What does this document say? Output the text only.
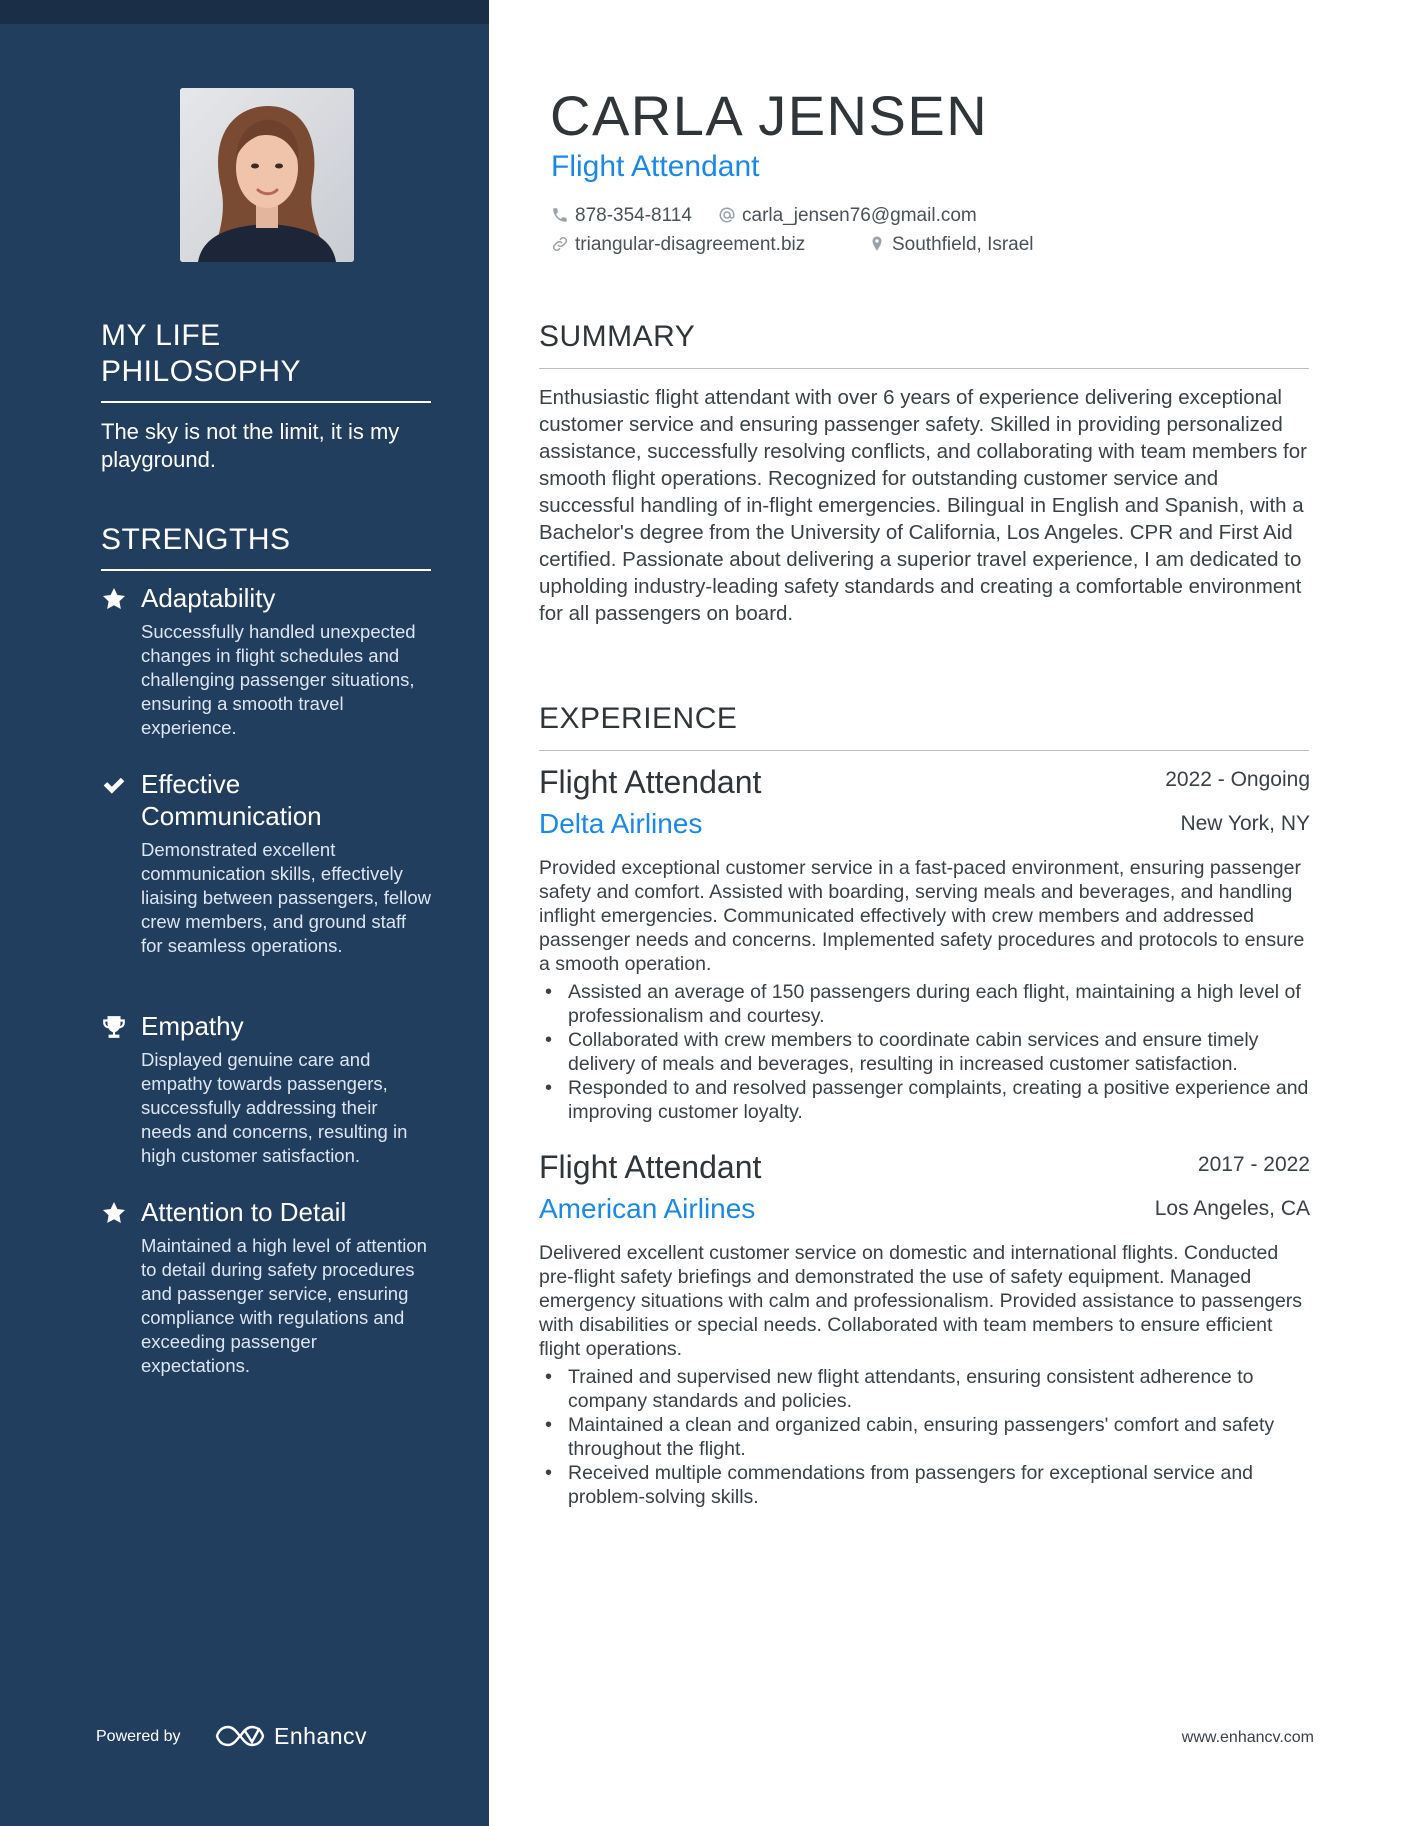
MY LIFE
PHILOSOPHY
The sky is not the limit, it is my playground.
STRENGTHS
Adaptability
Successfully handled unexpected changes in flight schedules and challenging passenger situations, ensuring a smooth travel experience.
Effective Communication
Demonstrated excellent communication skills, effectively liaising between passengers, fellow crew members, and ground staff for seamless operations.
Empathy
Displayed genuine care and empathy towards passengers, successfully addressing their needs and concerns, resulting in high customer satisfaction.
Attention to Detail
Maintained a high level of attention to detail during safety procedures and passenger service, ensuring compliance with regulations and exceeding passenger expectations.
Powered by	Enhancv
CARLA JENSEN
Flight Attendant
878-354-8114	carla_jensen76@gmail.com
triangular-disagreement.biz	Southfield, Israel
SUMMARY
Enthusiastic flight attendant with over 6 years of experience delivering exceptional customer service and ensuring passenger safety. Skilled in providing personalized assistance, successfully resolving conflicts, and collaborating with team members for smooth flight operations. Recognized for outstanding customer service and successful handling of in-flight emergencies. Bilingual in English and Spanish, with a Bachelor's degree from the University of California, Los Angeles. CPR and First Aid certified. Passionate about delivering a superior travel experience, I am dedicated to upholding industry-leading safety standards and creating a comfortable environment for all passengers on board.
EXPERIENCE
Flight Attendant	2022 - Ongoing
Delta Airlines	New York, NY
Provided exceptional customer service in a fast-paced environment, ensuring passenger safety and comfort. Assisted with boarding, serving meals and beverages, and handling inflight emergencies. Communicated effectively with crew members and addressed passenger needs and concerns. Implemented safety procedures and protocols to ensure a smooth operation.
• Assisted an average of 150 passengers during each flight, maintaining a high level of professionalism and courtesy.
• Collaborated with crew members to coordinate cabin services and ensure timely delivery of meals and beverages, resulting in increased customer satisfaction.
• Responded to and resolved passenger complaints, creating a positive experience and improving customer loyalty.
Flight Attendant	2017 - 2022
American Airlines	Los Angeles, CA
Delivered excellent customer service on domestic and international flights. Conducted pre-flight safety briefings and demonstrated the use of safety equipment. Managed emergency situations with calm and professionalism. Provided assistance to passengers with disabilities or special needs. Collaborated with team members to ensure efficient flight operations.
• Trained and supervised new flight attendants, ensuring consistent adherence to company standards and policies.
• Maintained a clean and organized cabin, ensuring passengers' comfort and safety throughout the flight.
• Received multiple commendations from passengers for exceptional service and problem-solving skills.
www.enhancv.com
